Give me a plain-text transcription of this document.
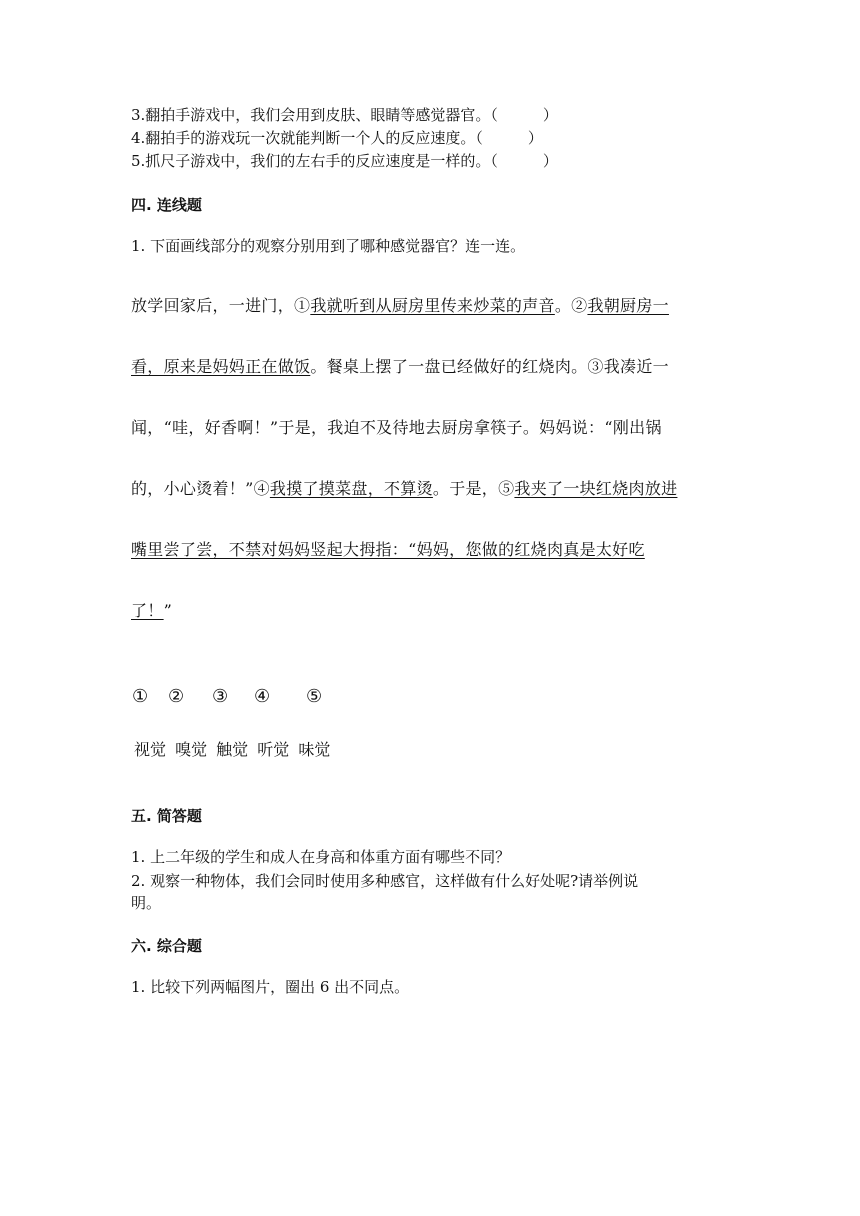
3.翻拍手游戏中，我们会用到皮肤、眼睛等感觉器官。（　　　）
4.翻拍手的游戏玩一次就能判断一个人的反应速度。（　　　）
5.抓尺子游戏中，我们的左右手的反应速度是一样的。（　　　）
四. 连线题
1. 下面画线部分的观察分别用到了哪种感觉器官？连一连。
放学回家后，一进门，①我就听到从厨房里传来炒菜的声音。②我朝厨房一
看，原来是妈妈正在做饭。餐桌上摆了一盘已经做好的红烧肉。③我凑近一
闻，“哇，好香啊！”于是，我迫不及待地去厨房拿筷子。妈妈说：“刚出锅
的，小心烫着！”④我摸了摸菜盘，不算烫。于是，⑤我夹了一块红烧肉放进
嘴里尝了尝，不禁对妈妈竖起大拇指：“妈妈，您做的红烧肉真是太好吃
了！”
① ② ③ ④ ⑤
视觉 嗅觉 触觉 听觉 味觉
五. 简答题
1. 上二年级的学生和成人在身高和体重方面有哪些不同？
2. 观察一种物体，我们会同时使用多种感官，这样做有什么好处呢?请举例说
明。
六. 综合题
1. 比较下列两幅图片，圈出 6 出不同点。
